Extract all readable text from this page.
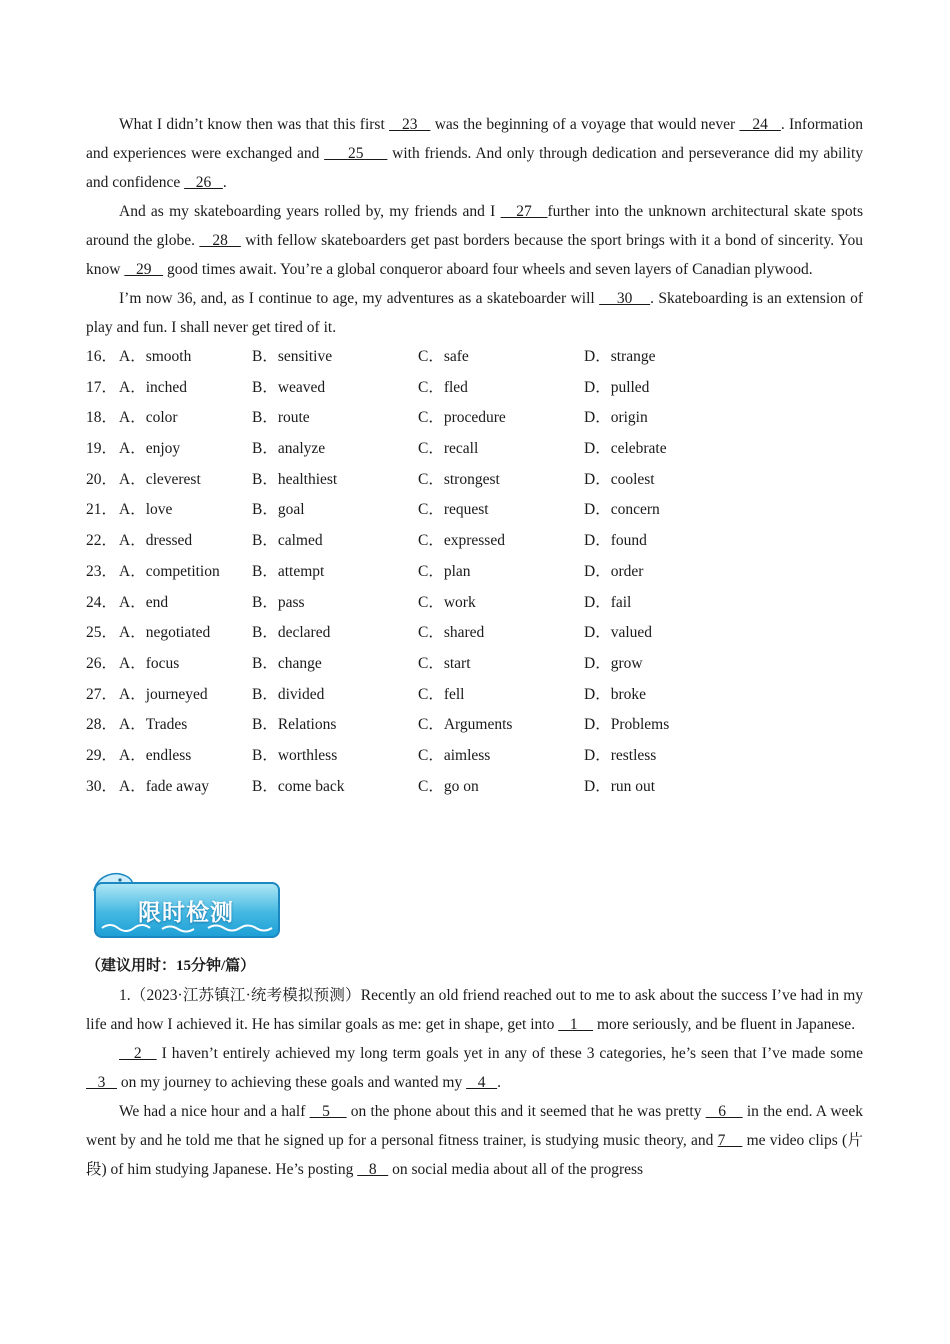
What I didn’t know then was that this first    23    was the beginning of a voyage that would never    24   . Information and experiences were exchanged and      25      with friends. And only through dedication and perseverance did my ability and confidence    26   .

And as my skateboarding years rolled by, my friends and I    27   further into the unknown architectural skate spots around the globe.    28    with fellow skateboarders get past borders because the sport brings with it a bond of sincerity. You know    29    good times await. You’re a global conqueror aboard four wheels and seven layers of Canadian plywood.

I’m now 36, and, as I continue to age, my adventures as a skateboarder will     30    . Skateboarding is an extension of play and fun. I shall never get tired of it.

16． A．smooth	B．sensitive	C．safe	D．strange
17． A．inched	B．weaved	C．fled	D．pulled
18． A．color	B．route	C．procedure	D．origin
19． A．enjoy	B．analyze	C．recall	D．celebrate
20． A．cleverest	B．healthiest	C．strongest	D．coolest
21． A．love	B．goal	C．request	D．concern
22． A．dressed	B．calmed	C．expressed	D．found
23． A．competition	B．attempt	C．plan	D．order
24． A．end	B．pass	C．work	D．fail
25． A．negotiated	B．declared	C．shared	D．valued
26． A．focus	B．change	C．start	D．grow
27． A．journeyed	B．divided	C．fell	D．broke
28． A．Trades	B．Relations	C．Arguments	D．Problems
29． A．endless	B．worthless	C．aimless	D．restless
30． A．fade away	B．come back	C．go on	D．run out
限时检测
（建议用时：15分钟/篇）

1.（2023·江苏镇江·统考模拟预测）Recently an old friend reached out to me to ask about the success I’ve had in my life and how I achieved it. He has similar goals as me: get in shape, get into    1     more seriously, and be fluent in Japanese.

2    I haven’t entirely achieved my long term goals yet in any of these 3 categories, he’s seen that I’ve made some    3    on my journey to achieving these goals and wanted my    4   .

We had a nice hour and a half    5     on the phone about this and it seemed that he was pretty    6     in the end. A week went by and he told me that he signed up for a personal fitness trainer, is studying music theory, and 7     me video clips (片段) of him studying Japanese. He’s posting    8    on social media about all of the progress
